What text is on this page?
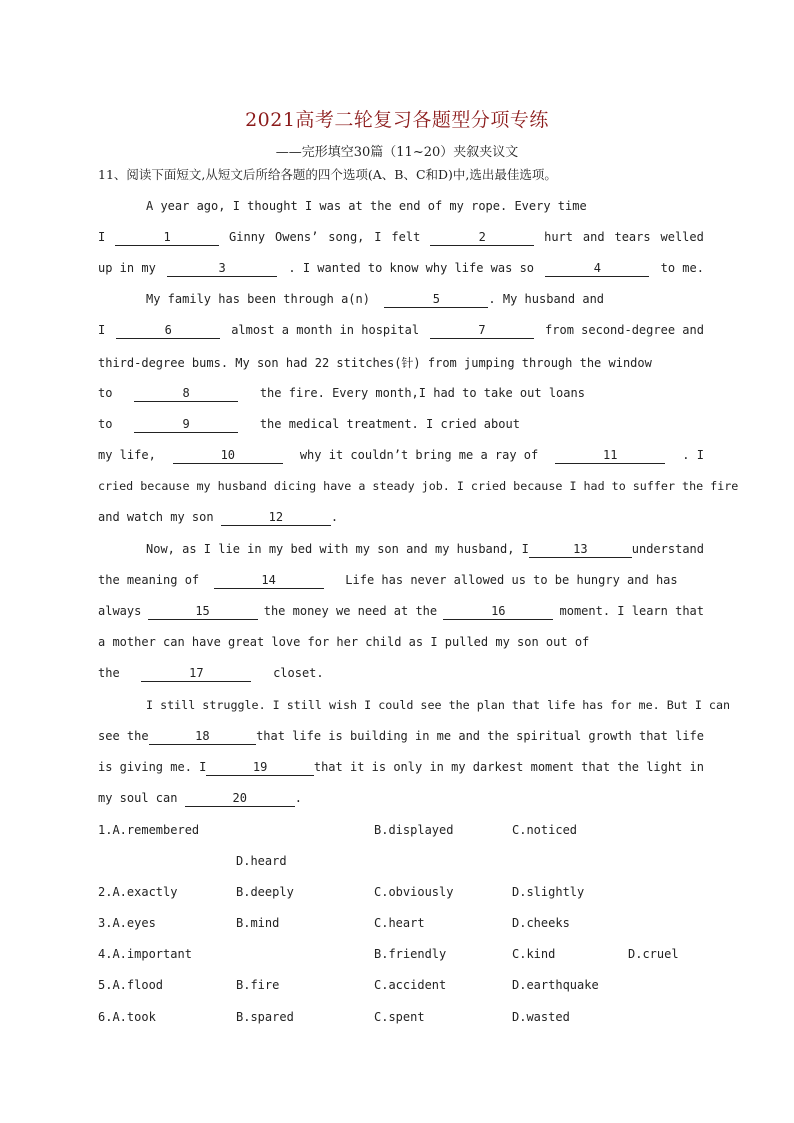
2021高考二轮复习各题型分项专练
——完形填空30篇（11~20）夹叙夹议文
11、阅读下面短文,从短文后所给各题的四个选项(A、B、C和D)中,选出最佳选项。
A year ago, I thought I was at the end of my rope. Every time
I	1	Ginny Owens’ song, I felt	2	hurt and tears welled
up in my	3	. I wanted to know why life was so	4	to me.
My family has been through a(n)	5	. My husband and
I	6	almost a month in hospital	7	from second-degree and
third-degree bums. My son had 22 stitches(针) from jumping through the window
to	8	the fire. Every month,I had to take out loans
to	9	the medical treatment. I cried about
my life,	10	why it couldn’t bring me a ray of	11	. I
cried because my husband dicing have a steady job. I cried because I had to suffer the fire
and watch my son	12	.
Now, as I lie in my bed with my son and my husband, I	13	understand
the meaning of	14	Life has never allowed us to be hungry and has
always	15	the money we need at the	16	moment. I learn that
a mother can have great love for her child as I pulled my son out of
the	17	closet.
I still struggle. I still wish I could see the plan that life has for me. But I can
see the	18	that life is building in me and the spiritual growth that life
is giving me. I	19	that it is only in my darkest moment that the light in
my soul can	20	.
1.A.remembered	B.displayed	C.noticed
D.heard
2.A.exactly	B.deeply	C.obviously	D.slightly
3.A.eyes	B.mind	C.heart	D.cheeks
4.A.important	B.friendly	C.kind	D.cruel
5.A.flood	B.fire	C.accident	D.earthquake
6.A.took	B.spared	C.spent	D.wasted
